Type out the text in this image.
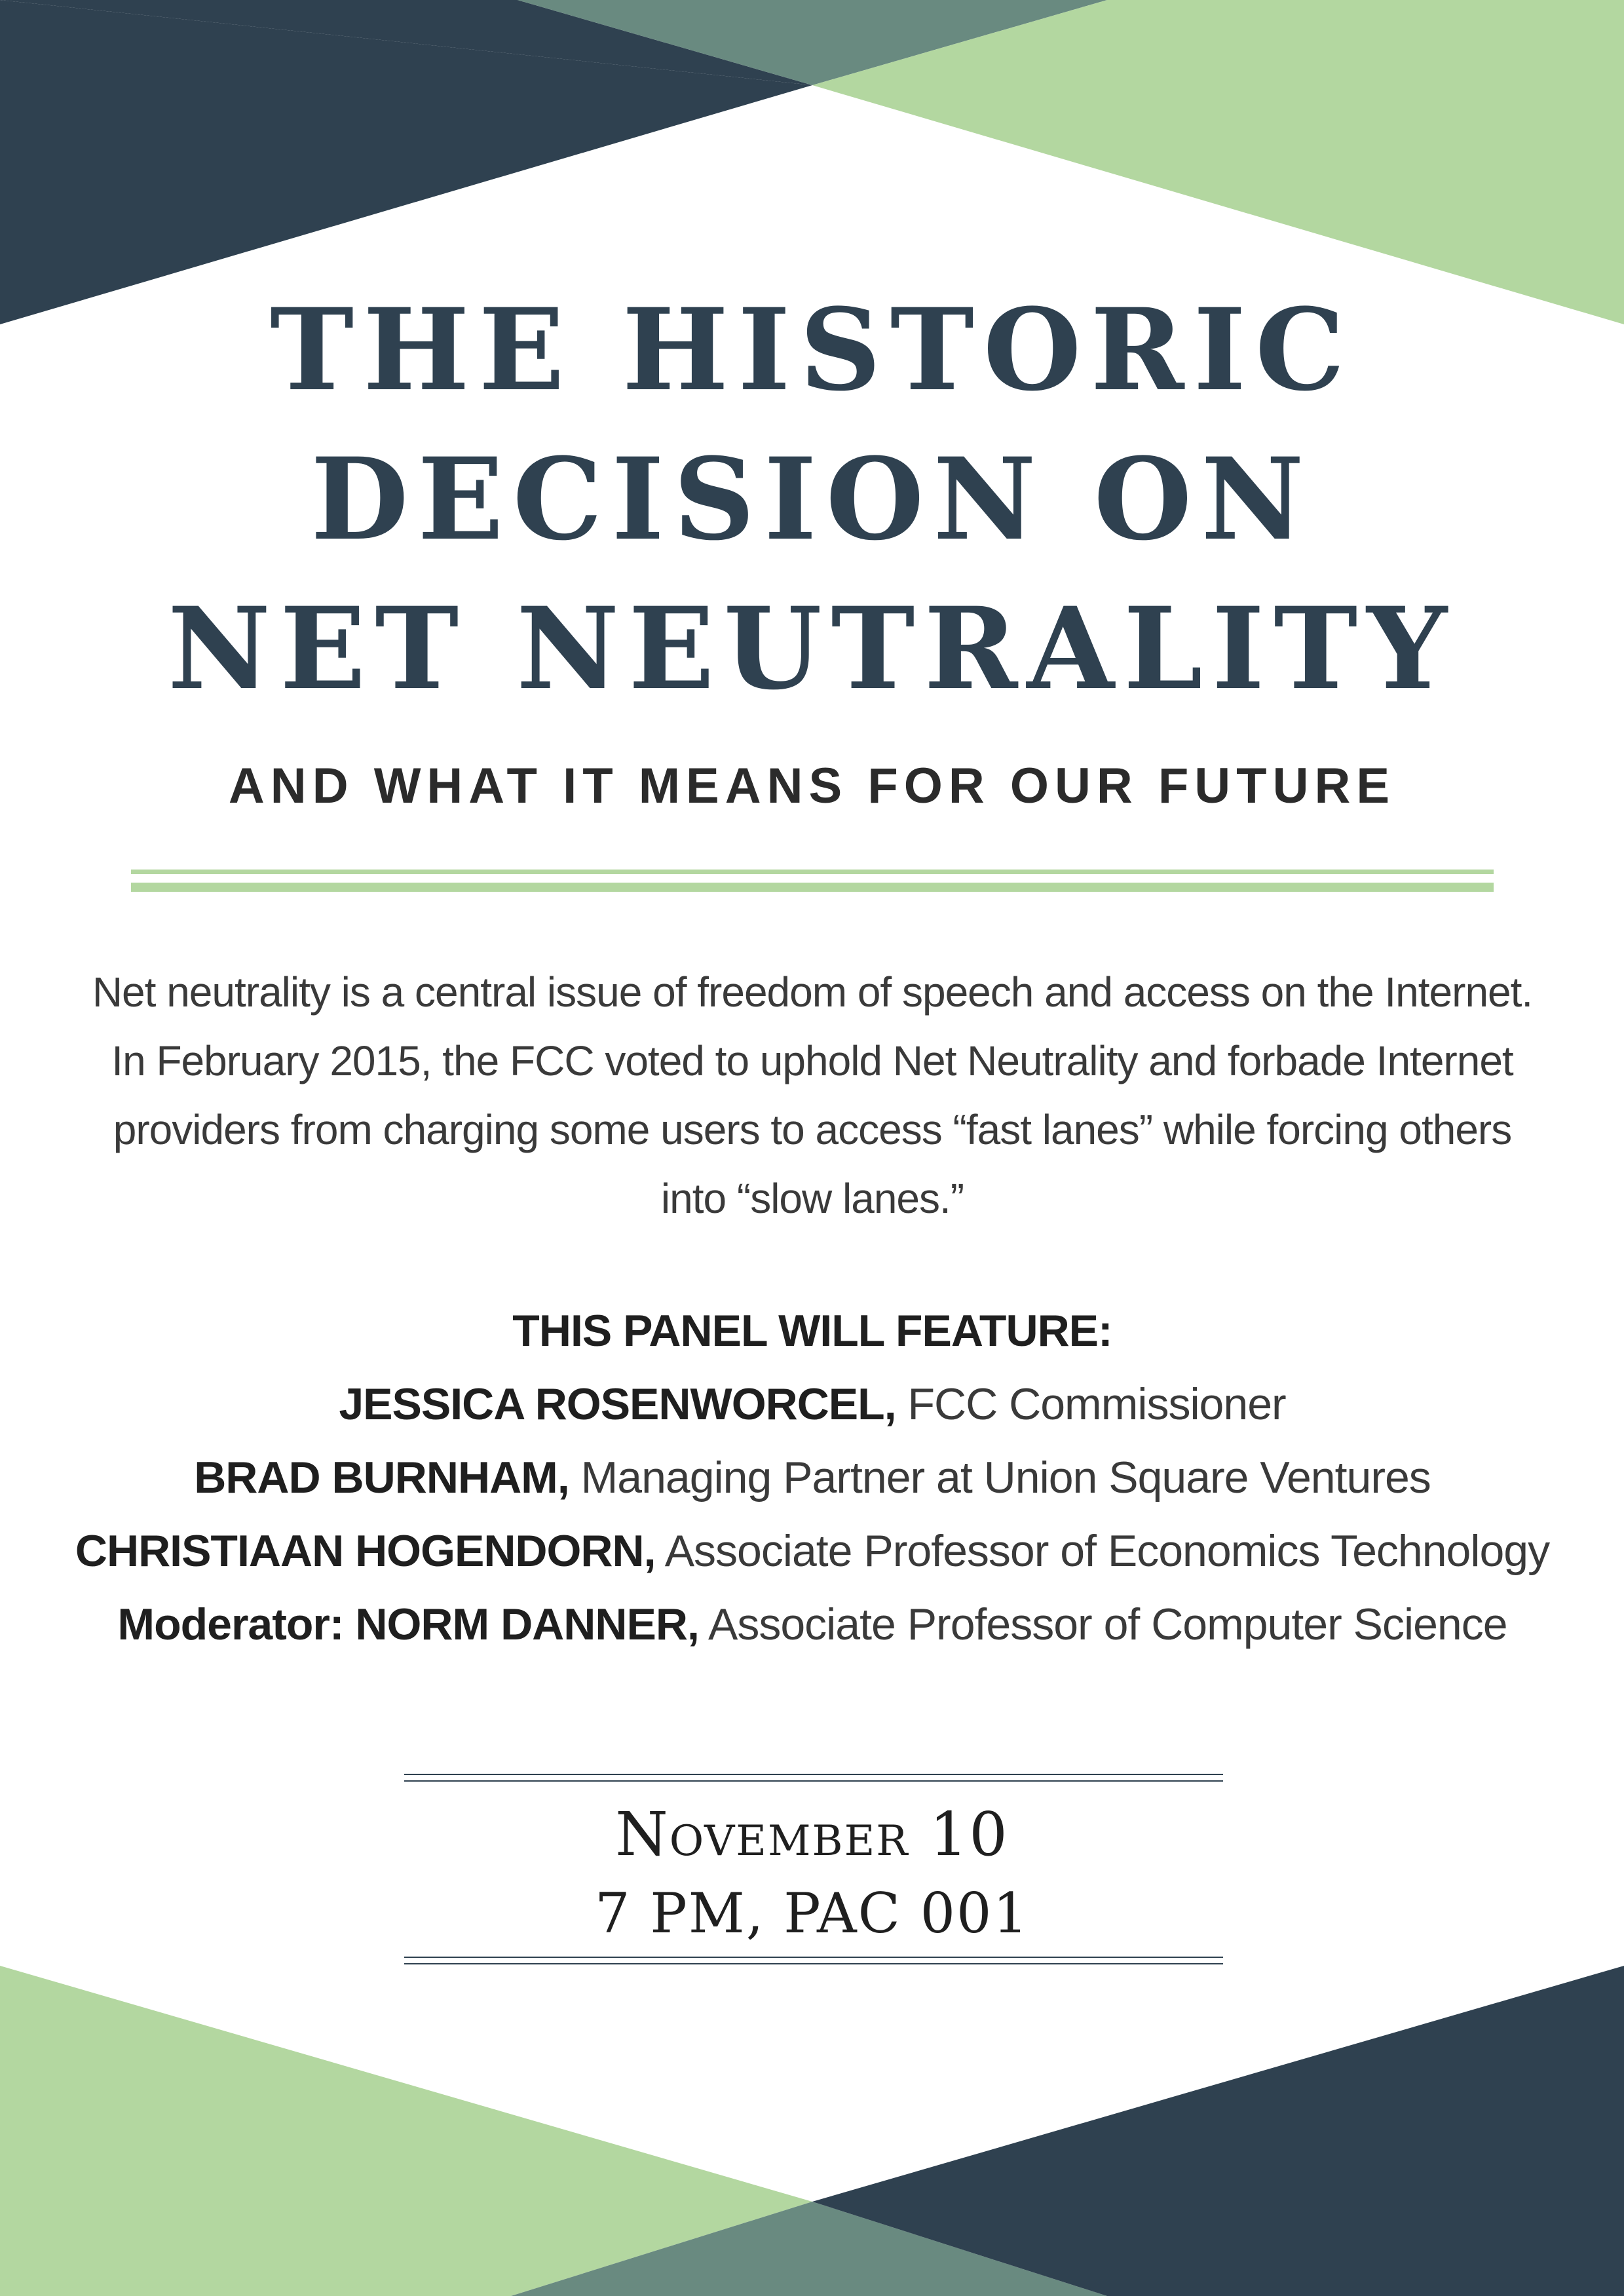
THE HISTORIC
DECISION ON
NET NEUTRALITY
AND WHAT IT MEANS FOR OUR FUTURE

Net neutrality is a central issue of freedom of speech and access on the Internet.
In February 2015, the FCC voted to uphold Net Neutrality and forbade Internet
providers from charging some users to access “fast lanes” while forcing others
into “slow lanes.”

THIS PANEL WILL FEATURE:
JESSICA ROSENWORCEL, FCC Commissioner
BRAD BURNHAM, Managing Partner at Union Square Ventures
CHRISTIAAN HOGENDORN, Associate Professor of Economics Technology
Moderator: NORM DANNER, Associate Professor of Computer Science

November 10

7 PM, PAC 001
